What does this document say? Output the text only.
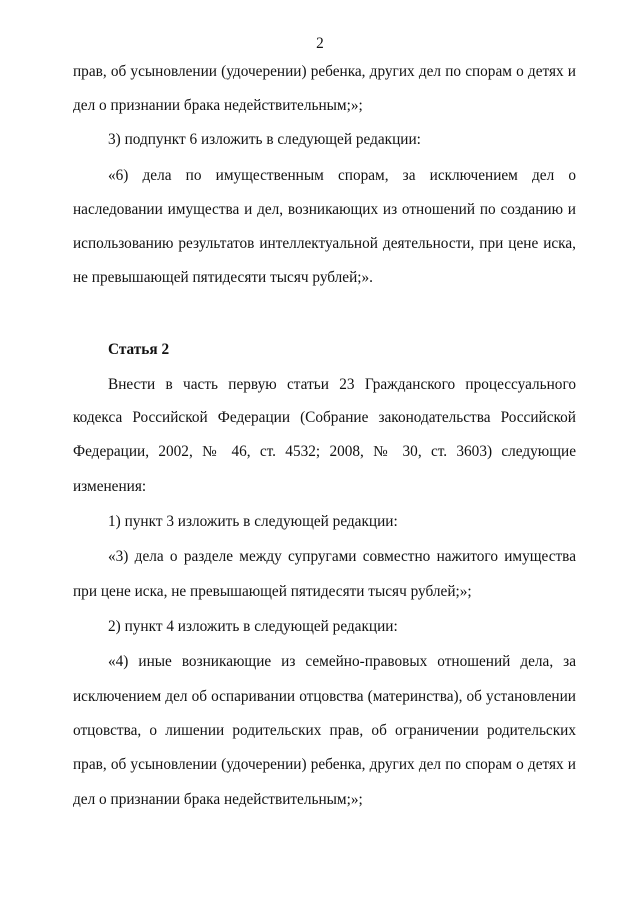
2
прав, об усыновлении (удочерении) ребенка, других дел по спорам о детях и
дел о признании брака недействительным;»;
3) подпункт 6 изложить в следующей редакции:
«6) дела по имущественным спорам, за исключением дел о
наследовании имущества и дел, возникающих из отношений по созданию и
использованию результатов интеллектуальной деятельности, при цене иска,
не превышающей пятидесяти тысяч рублей;».
Статья 2
Внести в часть первую статьи 23 Гражданского процессуального
кодекса Российской Федерации (Собрание законодательства Российской
Федерации, 2002, № 46, ст. 4532; 2008, № 30, ст. 3603) следующие
изменения:
1) пункт 3 изложить в следующей редакции:
«3) дела о разделе между супругами совместно нажитого имущества
при цене иска, не превышающей пятидесяти тысяч рублей;»;
2) пункт 4 изложить в следующей редакции:
«4) иные возникающие из семейно-правовых отношений дела, за
исключением дел об оспаривании отцовства (материнства), об установлении
отцовства, о лишении родительских прав, об ограничении родительских
прав, об усыновлении (удочерении) ребенка, других дел по спорам о детях и
дел о признании брака недействительным;»;
